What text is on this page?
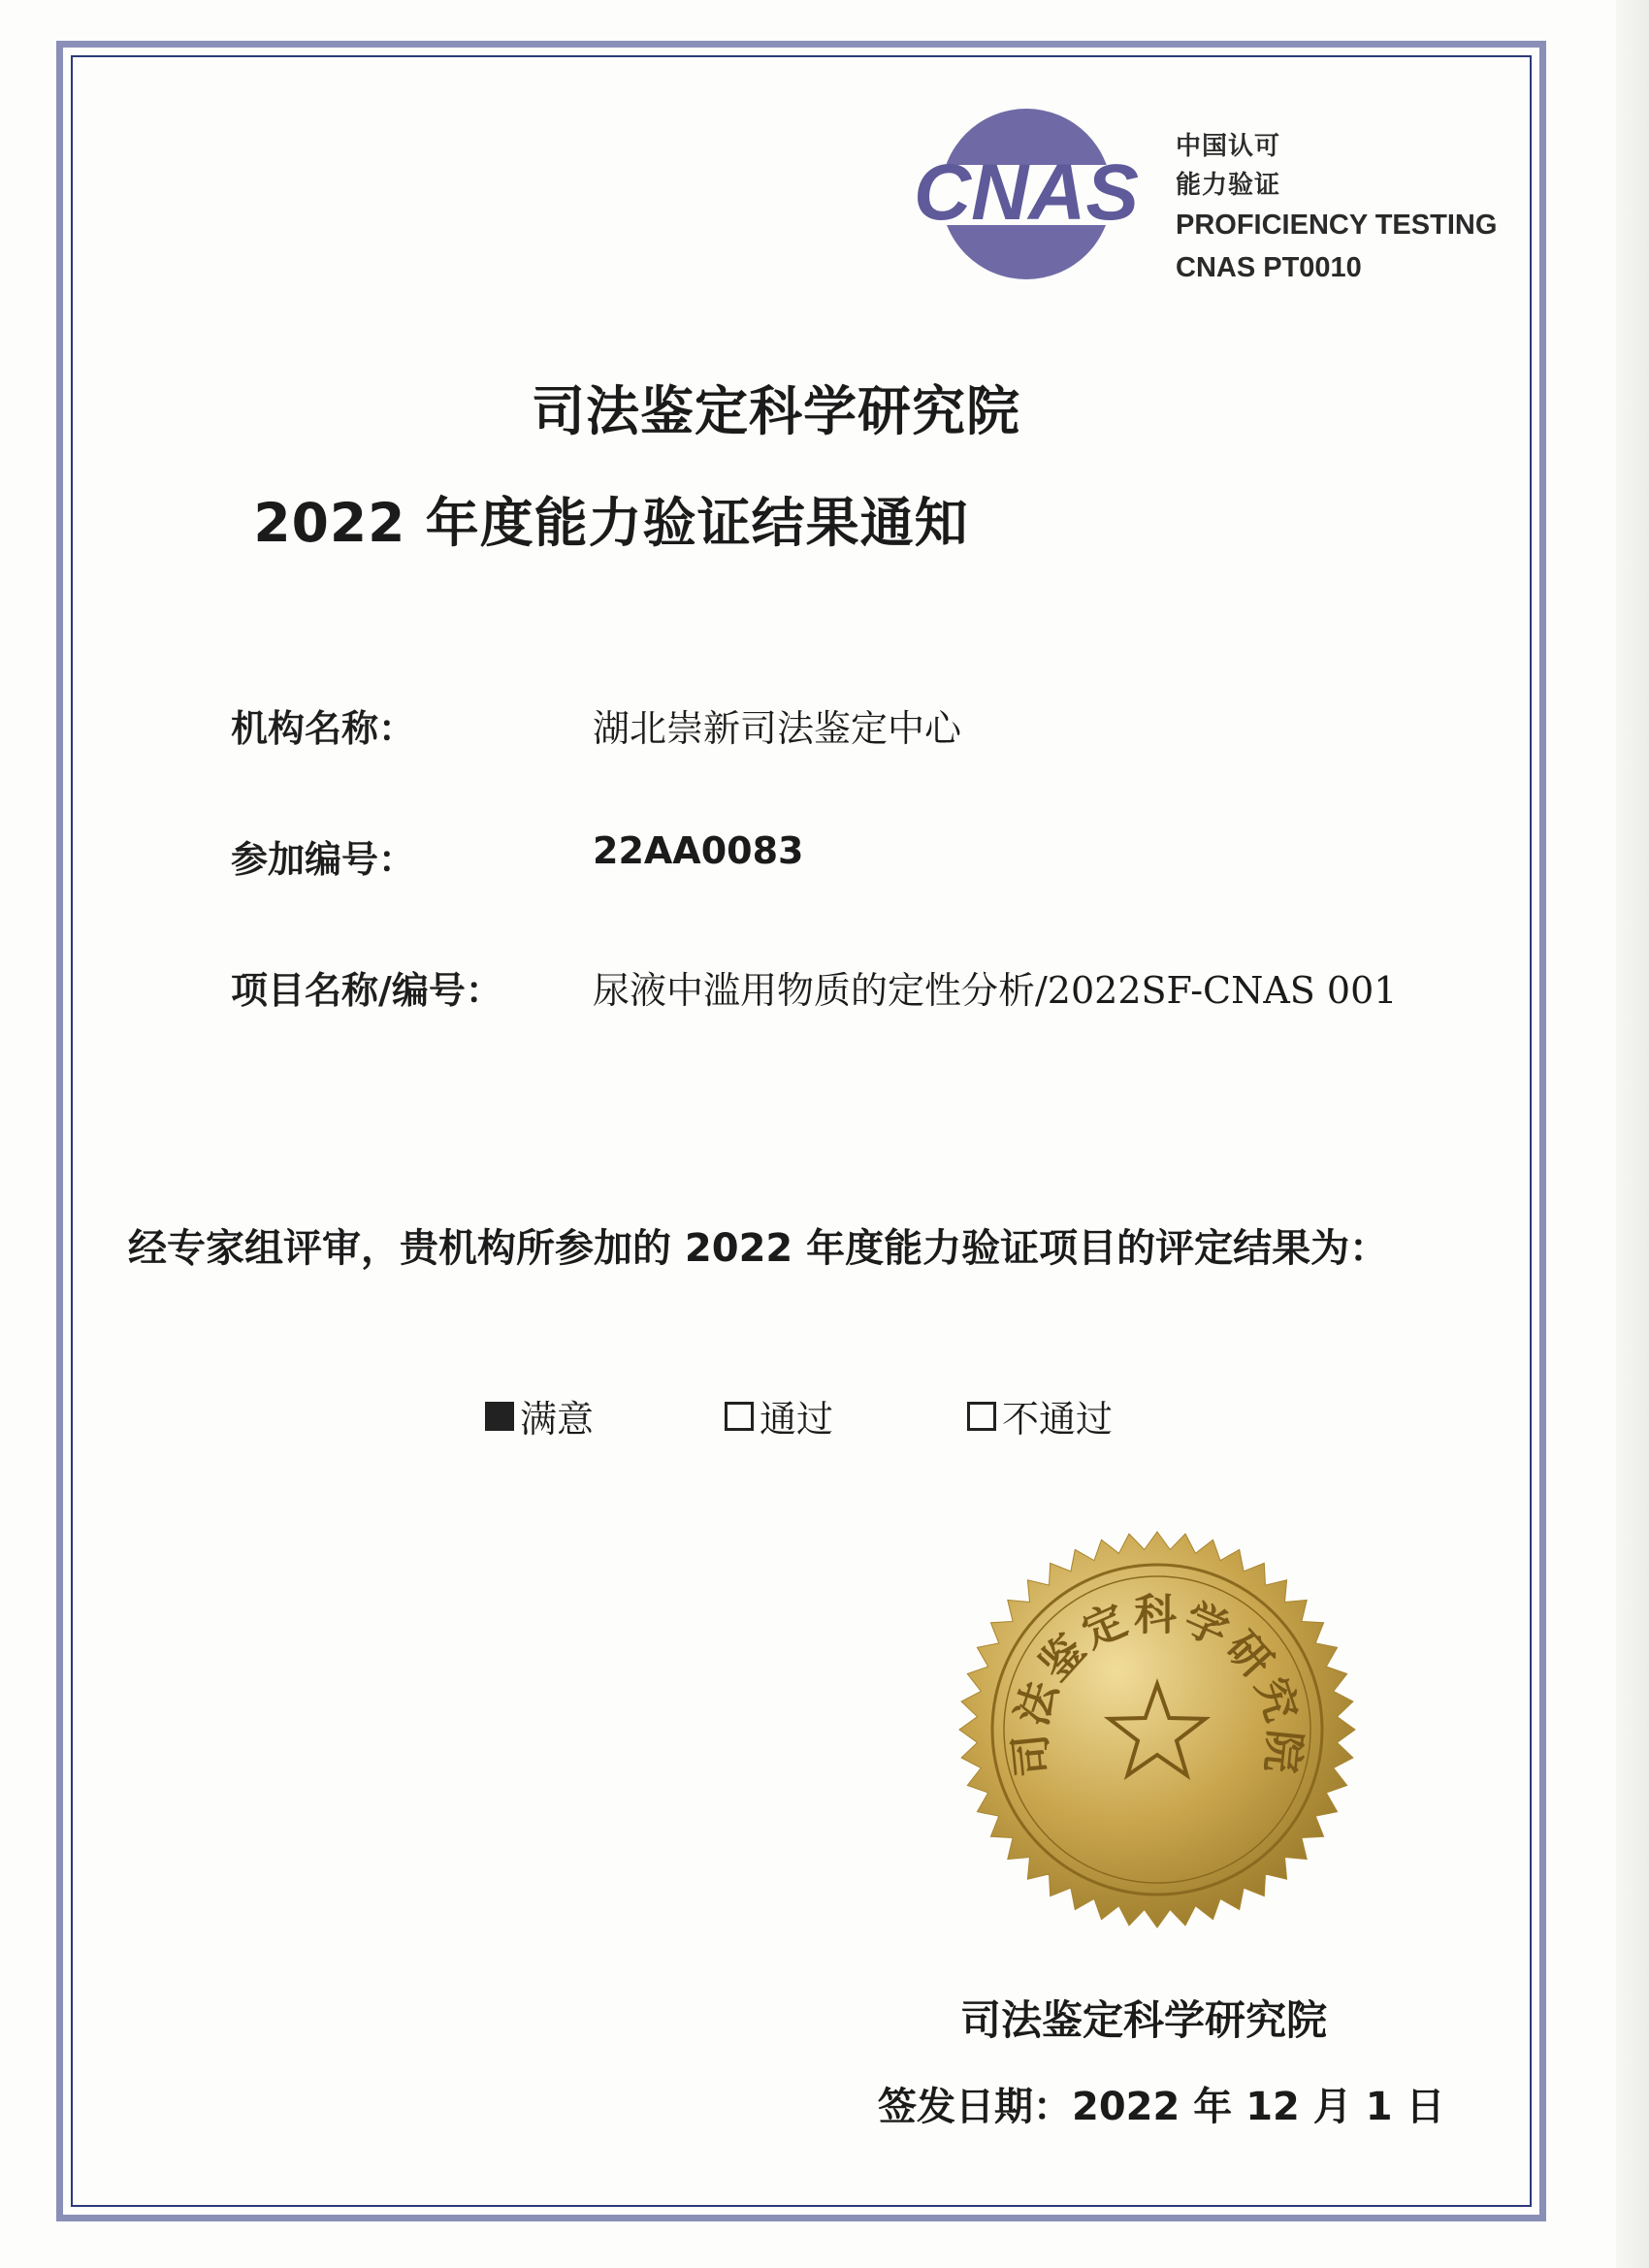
CNAS
中国认可
能力验证
PROFICIENCY TESTING
CNAS PT0010
司法鉴定科学研究院
2022 年度能力验证结果通知
机构名称：	湖北崇新司法鉴定中心
参加编号：	22AA0083
项目名称/编号： 尿液中滥用物质的定性分析/2022SF-CNAS 001
经专家组评审，贵机构所参加的 2022 年度能力验证项目的评定结果为：
满意	通过	不通过
司法鉴定科学研究院
司法鉴定科学研究院
签发日期：2022 年 12 月 1 日
